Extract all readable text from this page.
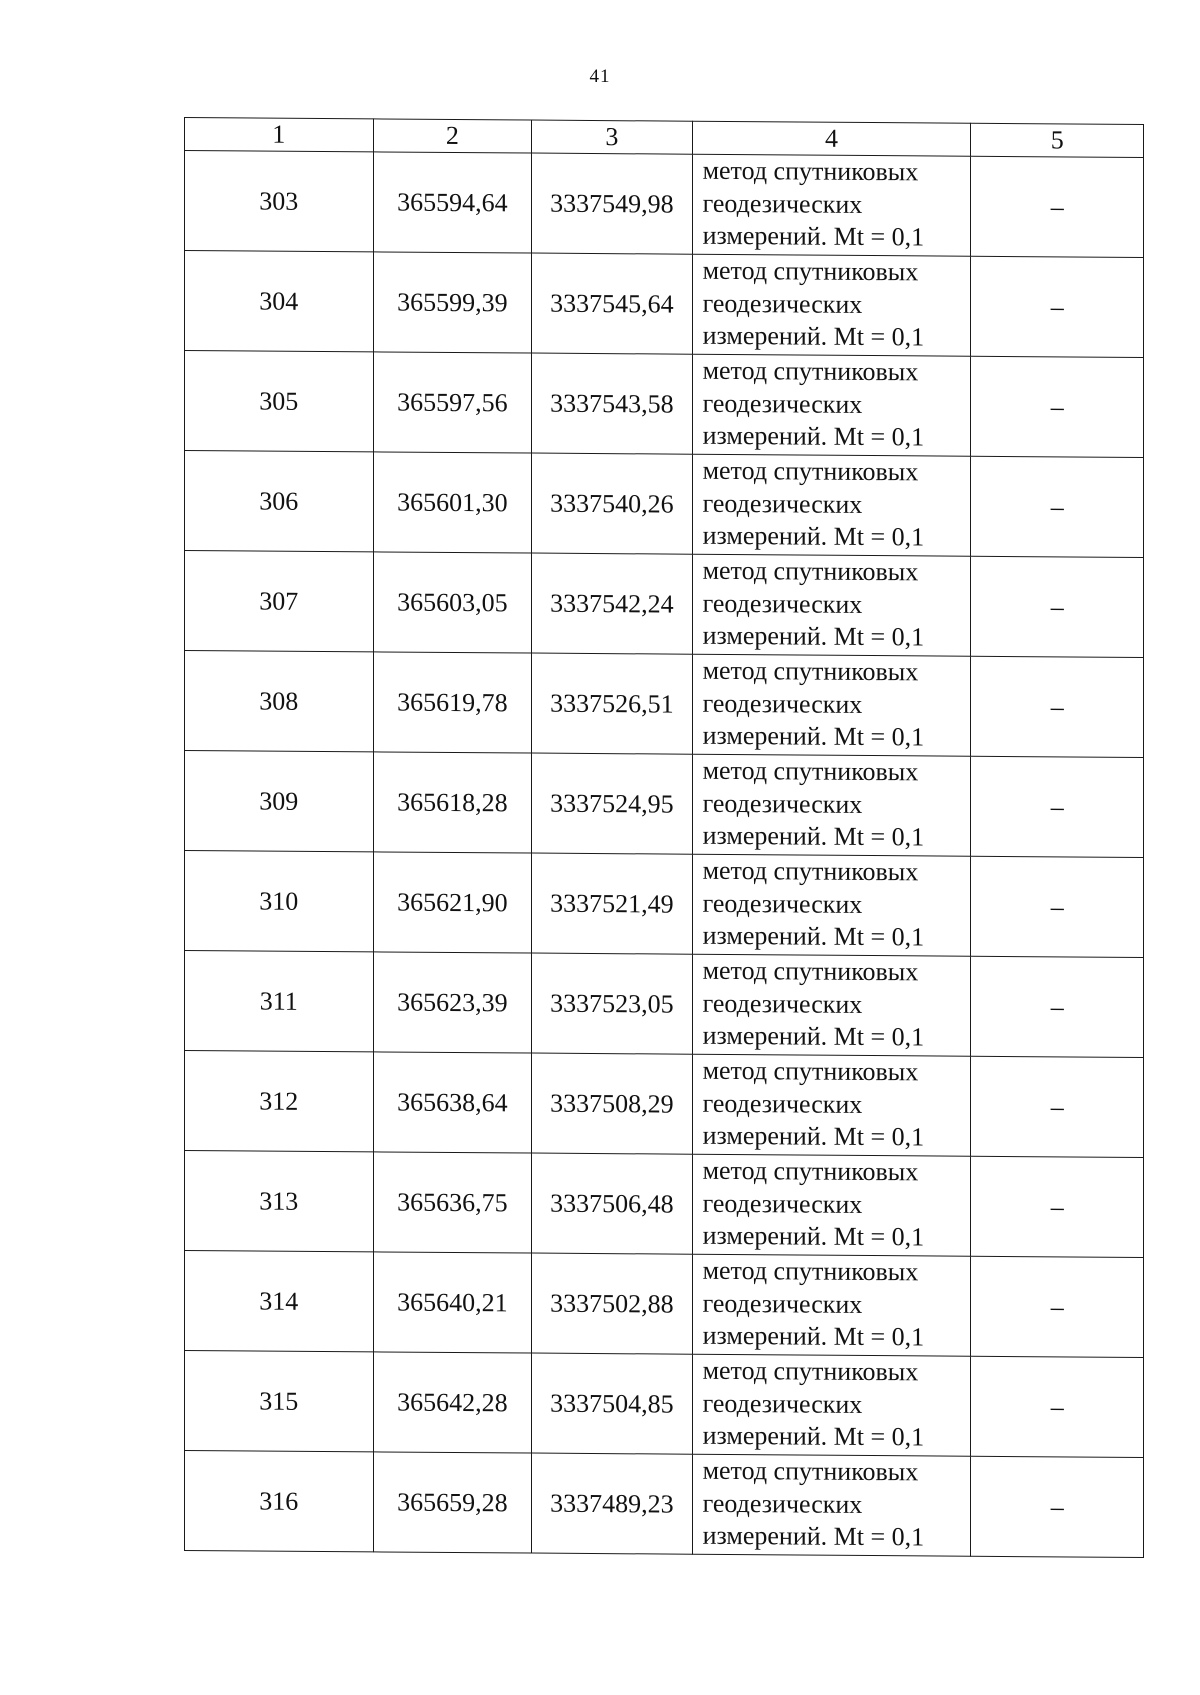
41
1	2	3	4	5
303	365594,64	3337549,98	метод спутниковых
геодезических
измерений. Mt = 0,1	–
304	365599,39	3337545,64	метод спутниковых
геодезических
измерений. Mt = 0,1	–
305	365597,56	3337543,58	метод спутниковых
геодезических
измерений. Mt = 0,1	–
306	365601,30	3337540,26	метод спутниковых
геодезических
измерений. Mt = 0,1	–
307	365603,05	3337542,24	метод спутниковых
геодезических
измерений. Mt = 0,1	–
308	365619,78	3337526,51	метод спутниковых
геодезических
измерений. Mt = 0,1	–
309	365618,28	3337524,95	метод спутниковых
геодезических
измерений. Mt = 0,1	–
310	365621,90	3337521,49	метод спутниковых
геодезических
измерений. Mt = 0,1	–
311	365623,39	3337523,05	метод спутниковых
геодезических
измерений. Mt = 0,1	–
312	365638,64	3337508,29	метод спутниковых
геодезических
измерений. Mt = 0,1	–
313	365636,75	3337506,48	метод спутниковых
геодезических
измерений. Mt = 0,1	–
314	365640,21	3337502,88	метод спутниковых
геодезических
измерений. Mt = 0,1	–
315	365642,28	3337504,85	метод спутниковых
геодезических
измерений. Mt = 0,1	–
316	365659,28	3337489,23	метод спутниковых
геодезических
измерений. Mt = 0,1	–
